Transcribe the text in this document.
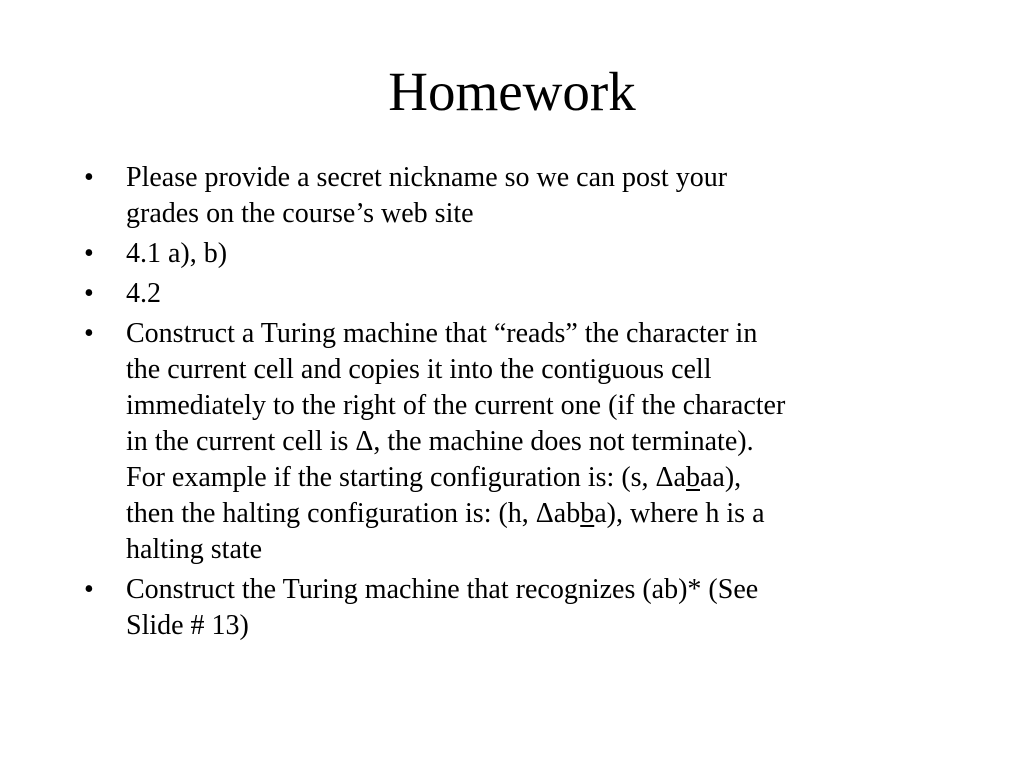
Homework
•	Please provide a secret nickname so we can post your
grades on the course’s web site
•	4.1 a), b)
•	4.2
•	Construct a Turing machine that “reads” the character in
the current cell and copies it into the contiguous cell
immediately to the right of the current one (if the character
in the current cell is Δ, the machine does not terminate).
For example if the starting configuration is: (s, Δabaa),
then the halting configuration is: (h, Δabba), where h is a
halting state
•	Construct the Turing machine that recognizes (ab)* (See
Slide # 13)
